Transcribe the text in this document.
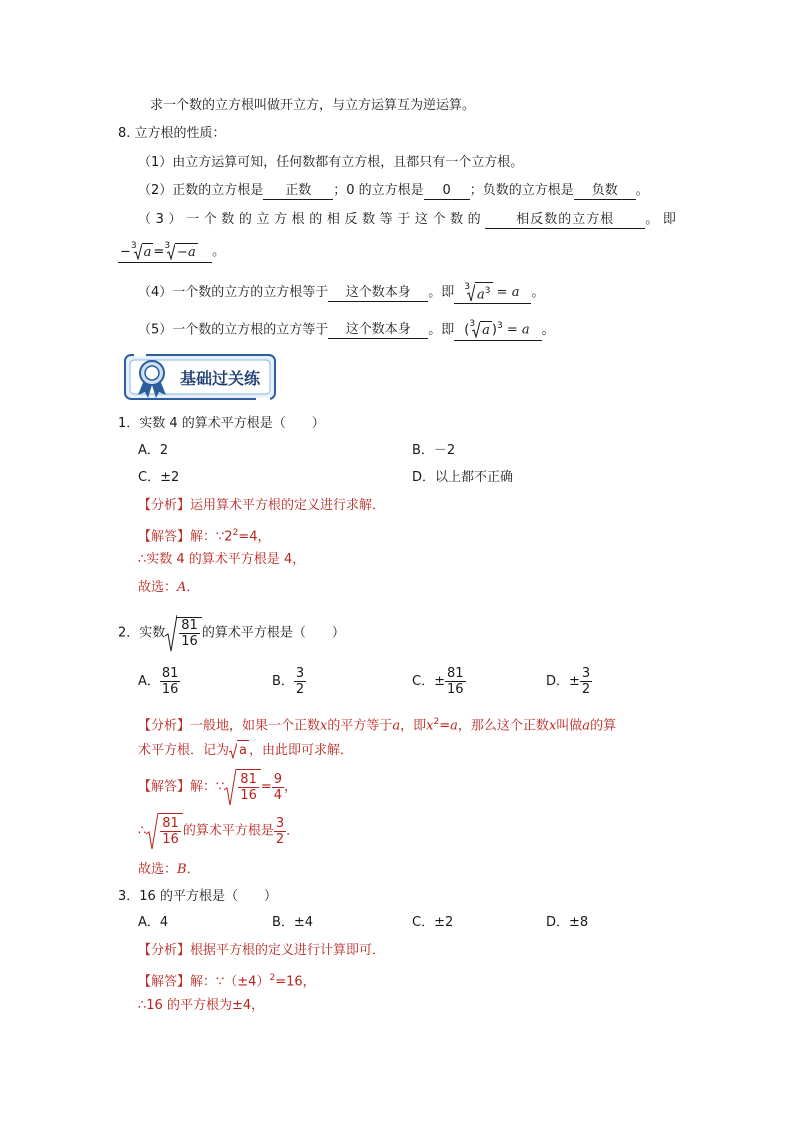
求一个数的立方根叫做开立方，与立方运算互为逆运算。
8. 立方根的性质：
（1）由立方运算可知，任何数都有立方根，且都只有一个立方根。
（2）正数的立方根是 正数 ；0 的立方根是 0 ；负数的立方根是 负数 。
（3）一个数的立方根的相反数等于这个数的 相反数的立方根 。即
−$^3$ a =$^3$ −a 。
（4）一个数的立方的立方根等于 这个数本身 。即 $^3$
$a^3 = a$ 。
（5）一个数的立方根的立方等于 这个数本身 。即 ($^3$ a )$^3$ = a 。
基础过关练
1．实数 4 的算术平方根是（　　）
A．2	B．－2
C．±2	D．以上都不正确
【分析】运用算术平方根的定义进行求解．
【解答】解：$\because 2^2=4$，
∴实数 4 的算术平方根是 4，
故选：A．
2．实数 $\frac{81}{16}$ 的算术平方根是（　　）
A． $\frac{81}{16}$	B． $\frac{3}{2}$	C．± $\frac{81}{16}$	D．± $\frac{3}{2}$
【分析】一般地，如果一个正数x的平方等于a，即$x^2=a$，那么这个正数x叫做a的算
术平方根．记为 a ，由此即可求解．
【解答】解：∵ $\frac{81}{16} = \frac{9}{4}$ ，
∴ $\frac{81}{16}$ 的算术平方根是 $\frac{3}{2}$ ．
故选：B．
3．16 的平方根是（　　）
A．4	B．±4	C．±2	D．±8
【分析】根据平方根的定义进行计算即可．
【解答】解：$\because(\pm 4)^2=16$，
∴16 的平方根为±4，
